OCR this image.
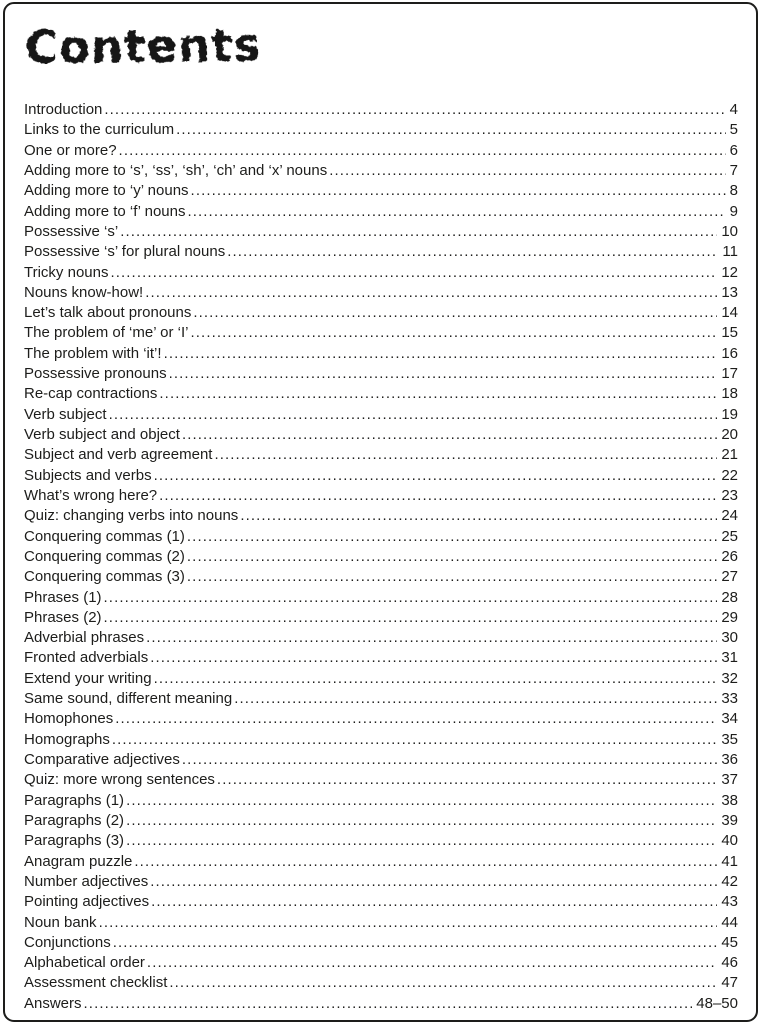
Contents
Introduction .....	4
Links to the curriculum .....	5
One or more? .....	6
Adding more to ‘s’, ‘ss’, ‘sh’, ‘ch’ and ‘x’ nouns .....	7
Adding more to ‘y’ nouns .....	8
Adding more to ‘f’ nouns .....	9
Possessive ‘s’ .....	10
Possessive ‘s’ for plural nouns .....	11
Tricky nouns .....	12
Nouns know-how! .....	13
Let’s talk about pronouns .....	14
The problem of ‘me’ or ‘I’ .....	15
The problem with ‘it’! .....	16
Possessive pronouns .....	17
Re-cap contractions .....	18
Verb subject .....	19
Verb subject and object .....	20
Subject and verb agreement .....	21
Subjects and verbs .....	22
What’s wrong here? .....	23
Quiz: changing verbs into nouns .....	24
Conquering commas (1) .....	25
Conquering commas (2) .....	26
Conquering commas (3) .....	27
Phrases (1) .....	28
Phrases (2) .....	29
Adverbial phrases .....	30
Fronted adverbials .....	31
Extend your writing .....	32
Same sound, different meaning .....	33
Homophones .....	34
Homographs .....	35
Comparative adjectives .....	36
Quiz: more wrong sentences .....	37
Paragraphs (1) .....	38
Paragraphs (2) .....	39
Paragraphs (3) .....	40
Anagram puzzle .....	41
Number adjectives .....	42
Pointing adjectives .....	43
Noun bank .....	44
Conjunctions .....	45
Alphabetical order .....	46
Assessment checklist .....	47
Answers .....	48–50
